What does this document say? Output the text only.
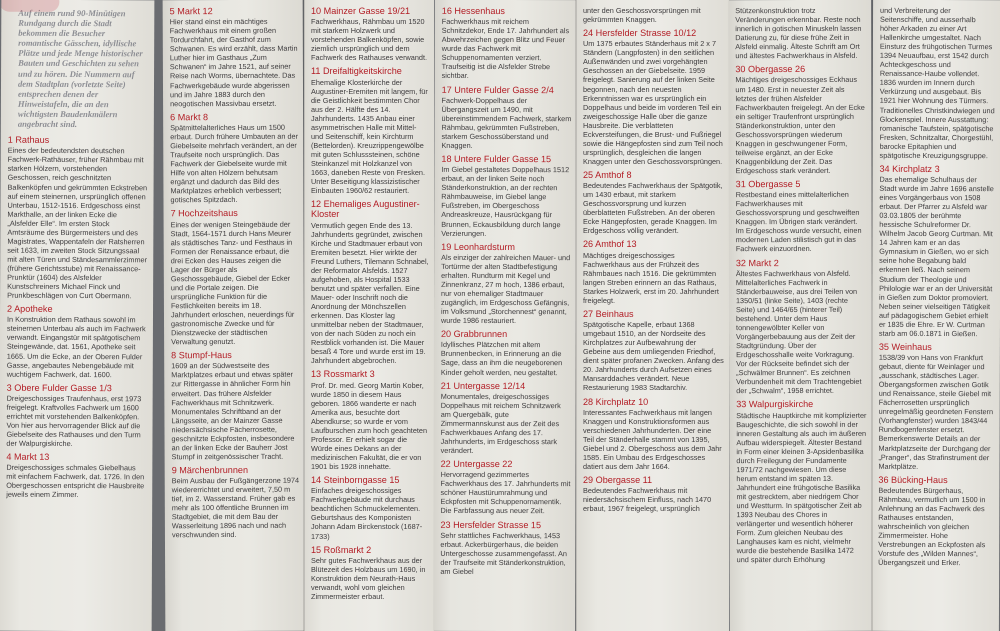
Auf einem rund 90-Minütigen Rundgang durch die Stadt bekommen die Besucher romantische Gässchen, idyllische Plätze und jede Menge historischer Bauten und Geschichten zu sehen und zu hören. Die Nummern auf dem Stadtplan (vorletzte Seite) entsprechen denen der Hinweistafeln, die an den wichtigsten Baudenkmälern angebracht sind.

1 Rathaus

Eines der bedeutendsten deutschen Fachwerk-Rathäuser, früher Rähmbau mit starken Hölzern, vorstehenden Geschossen, reich geschnitzten Balkenköpfen und gekrümmten Eckstreben auf einem steinernen, ursprünglich offenen Unterbau, 1512-1516. Erdgeschoss einst Markthalle, an der linken Ecke die „Alsfelder Elle“. Im ersten Stock Amtsräume des Bürgermeisters und des Magistrates, Wappentafeln der Ratsherren seit 1633, im zweiten Stock Sitzungssaal mit alten Türen und Ständesammlerzimmer (frühere Gerichtsstube) mit Renaissance-Prunktür (1604) des Alsfelder Kunstschreiners Michael Finck und Prunkbeschlägen von Curt Obermann.

2 Apotheke

In Konstruktion dem Rathaus sowohl im steinernen Unterbau als auch im Fachwerk verwandt. Eingangstür mit spätgotischem Steingewände, dat. 1561, Apotheke seit 1665. Um die Ecke, an der Oberen Fulder Gasse, angebautes Nebengebäude mit wuchtigem Fachwerk, dat. 1600.

3 Obere Fulder Gasse 1/3

Dreigeschossiges Traufenhaus, erst 1973 freigelegt. Kraftvolles Fachwerk um 1600 errichtet mit vorstehenden Balkenköpfen. Von hier aus hervorragender Blick auf die Giebelseite des Rathauses und den Turm der Walpurgiskirche.

4 Markt 13

Dreigeschossiges schmales Giebelhaus mit einfachem Fachwerk, dat. 1726. In den Obergeschossen entspricht die Hausbreite jeweils einem Zimmer.

5 Markt 12

Hier stand einst ein mächtiges Fachwerkhaus mit einem großen Tordurchfahrt, der Gasthof zum Schwanen. Es wird erzählt, dass Martin Luther hier im Gasthaus „Zum Schwanen“ im Jahre 1521, auf seiner Reise nach Worms, übernachtete. Das Fachwerkgebäude wurde abgerissen und im Jahre 1883 durch den neogotischen Massivbau ersetzt.

6 Markt 8

Spätmittelalterliches Haus um 1500 erbaut. Durch frühere Umbauten an der Giebelseite mehrfach verändert, an der Traufseite noch ursprünglich. Das Fachwerk der Giebelseite wurde mit Hilfe von alten Hölzern behutsam ergänzt und dadurch das Bild des Marktplatzes erheblich verbessert; gotisches Spitzdach.

7 Hochzeitshaus

Eines der wenigen Steingebäude der Stadt, 1564-1571 durch Hans Meurer als städtisches Tanz- und Festhaus in Formen der Renaissance erbaut, die drei Ecken des Hauses zeigen die Lager der Bürger als Geschossgebäude, Giebel der Ecker und die Portale zeigen. Die ursprüngliche Funktion für die Festlichkeiten bereits im 18. Jahrhundert erloschen, neuerdings für gastronomische Zwecke und für Dienstzwecke der städtischen Verwaltung genutzt.

8 Stumpf-Haus

1609 an der Südwestseite des Marktplatzes erbaut und etwas später zur Rittergasse in ähnlicher Form hin erweitert. Das frühere Alsfelder Fachwerkhaus mit Schnitzwerk. Monumentales Schriftband an der Längsseite, an der Mainzer Gasse niedersächsische Fächerrosette, geschnitzte Eckpfosten, insbesondere an der linken Ecke der Bauherr Jost Stumpf in zeitgenössischer Tracht.

9 Märchenbrunnen

Beim Ausbau der Fußgängerzone 1974 wiedererrichtet und erweitert, 7,50 m tief, im 2. Wasserstand. Früher gab es mehr als 100 öffentliche Brunnen im Stadtgebiet, die mit dem Bau der Wasserleitung 1896 nach und nach verschwunden sind.

10 Mainzer Gasse 19/21

Fachwerkhaus, Rähmbau um 1520 mit starkem Holzwerk und vorstehenden Balkenköpfen, sowie ziemlich ursprünglich und dem Fachwerk des Rathauses verwandt.

11 Dreifaltigkeitskirche

Ehemalige Klosterkirche der Augustiner-Eremiten mit langem, für die Geistlichkeit bestimmten Chor aus der 2. Hälfte des 14. Jahrhunderts. 1435 Anbau einer asymmetrischen Halle mit Mittel- und Seitenschiff, kein Kirchturm (Bettelorden). Kreuzrippengewölbe mit guten Schlusssteinen, schöne Steinkanzel mit Holzkanzel von 1663, daneben Reste von Fresken. Unter Beseitigung klassizistischer Einbauten 1960/62 restauriert.

12 Ehemaliges Augustiner-Kloster

Vermutlich gegen Ende des 13. Jahrhunderts gegründet, zwischen Kirche und Stadtmauer erbaut von Eremiten besetzt. Hier wirkte der Freund Luthers, Tilemann Schnabel, der Reformator Alsfelds. 1527 aufgehoben, als Hospital 1533 benutzt und später verfallen. Eine Mauer- oder Inschrift noch die Anordnung der Mönchszellen erkennen. Das Kloster lag unmittelbar neben der Stadtmauer, von der nach Süden zu noch ein Restblick vorhanden ist. Die Mauer besaß 4 Tore und wurde erst im 19. Jahrhundert abgebrochen.

13 Rossmarkt 3

Prof. Dr. med. Georg Martin Kober, wurde 1850 in diesem Haus geboren. 1866 wanderte er nach Amerika aus, besuchte dort Abendkurse; so wurde er vom Laufburschen zum hoch geachteten Professor. Er erhielt sogar die Würde eines Dekans an der medizinischen Fakultät, die er von 1901 bis 1928 innehatte.

14 Steinborngasse 15

Einfaches dreigeschossiges Fachwerkgebäude mit durchaus beachtlichen Schmuckelementen. Geburtshaus des Komponisten Johann Adam Birckenstock (1687-1733)

15 Roßmarkt 2

Sehr gutes Fachwerkhaus aus der Blütezeit des Holzbaus um 1690, in Konstruktion dem Neurath-Haus verwandt, wohl vom gleichen Zimmermeister erbaut.

16 Hessenhaus

Fachwerkhaus mit reichem Schnitzdekor, Ende 17. Jahrhundert als Abwehrzeichen gegen Blitz und Feuer wurde das Fachwerk mit Schuppenornamenten verziert. Traufseitig ist die Alsfelder Strebe sichtbar.

17 Untere Fulder Gasse 2/4

Fachwerk-Doppelhaus der Übergangszeit um 1490, mit übereinstimmendem Fachwerk, starkem Rähmbau, gekrümmten Fußstreben, starkem Geschossüberstand und Knaggen.

18 Untere Fulder Gasse 15

Im Giebel gestaltetes Doppelhaus 1512 erbaut, an der linken Seite noch Ständerkonstruktion, an der rechten Rähmbauweise, im Giebel lange Fußstreben, im Obergeschoss Andreaskreuze, Hausrückgang für Brunnen, Eckausbildung durch lange Verzierungen.

19 Leonhardsturm

Als einziger der zahlreichen Mauer- und Tortürme der alten Stadtbefestigung erhalten. Rundturm mit Kegel und Zinnenkranz, 27 m hoch, 1386 erbaut, nur von ehemaliger Stadtmauer zugänglich, im Erdgeschoss Gefängnis, im Volksmund „Storchennest“ genannt, wurde 1986 restauriert.

20 Grabbrunnen

Idyllisches Plätzchen mit altem Brunnenbecken, in Erinnerung an die Sage, dass an ihm die neugeborenen Kinder geholt werden, neu gestaltet.

21 Untergasse 12/14

Monumentales, dreigeschossiges Doppelhaus mit reichem Schnitzwerk am Quergebälk, gute Zimmermannskunst aus der Zeit des Fachwerkbaues Anfang des 17. Jahrhunderts, im Erdgeschoss stark verändert.

22 Untergasse 22

Hervorragend gezimmertes Fachwerkhaus des 17. Jahrhunderts mit schöner Haustürumrahmung und Eckpfosten mit Schuppenornamentik. Die Farbfassung aus neuer Zeit.

23 Hersfelder Strasse 15

Sehr stattliches Fachwerkhaus, 1453 erbaut. Ackerbürgerhaus, die beiden Untergeschosse zusammengefasst. An der Traufseite mit Ständerkonstruktion, am Giebel

unter den Geschossvorsprüngen mit gekrümmten Knaggen.

24 Hersfelder Strasse 10/12

Um 1375 erbautes Ständerhaus mit 2 x 7 Ständern (Langpfosten) in den seitlichen Außenwänden und zwei vorgehängten Geschossen an der Giebelseite. 1959 freigelegt. Sanierung auf der linken Seite begonnen, nach den neuesten Erkenntnissen war es ursprünglich ein Doppelhaus und beide im vorderen Teil ein zweigeschossige Halle über die ganze Hausbreite. Die verblatteten Eckversteifungen, die Brust- und Fußriegel sowie die Hängepfosten sind zum Teil noch ursprünglich, desgleichen die langen Knaggen unter den Geschossvorsprüngen.

25 Amthof 8

Bedeutendes Fachwerkhaus der Spätgotik, um 1430 erbaut, mit starkem Geschossvorsprung und kurzen überblatteten Fußstreben. An der oberen Ecke Hängepfosten, gerade Knaggen. Im Erdgeschoss völlig verändert.

26 Amthof 13

Mächtiges dreigeschossiges Fachwerkhaus aus der Frühzeit des Rähmbaues nach 1516. Die gekrümmten langen Streben erinnern an das Rathaus, Starkes Holzwerk, erst im 20. Jahrhundert freigelegt.

27 Beinhaus

Spätgotische Kapelle, erbaut 1368 umgebaut 1510, an der Nordseite des Kirchplatzes zur Aufbewahrung der Gebeine aus dem umliegenden Friedhof, dient später profanen Zwecken. Anfang des 20. Jahrhunderts durch Aufsetzen eines Mansarddaches verändert. Neue Restaurierung 1983 Stadtarchiv.

28 Kirchplatz 10

Interessantes Fachwerkhaus mit langen Knaggen und Konstruktionsformen aus verschiedenen Jahrhunderten. Der eine Teil der Ständerhalle stammt von 1395, Giebel und 2. Obergeschoss aus dem Jahr 1585. Ein Umbau des Erdgeschosses datiert aus dem Jahr 1664.

29 Obergasse 11

Bedeutendes Fachwerkhaus mit niedersächsischem Einfluss, nach 1470 erbaut, 1967 freigelegt, ursprünglich

Stützenkonstruktion trotz Veränderungen erkennbar. Reste noch innerlich in gotischen Minuskeln lassen Datierung zu, für diese frühe Zeit in Alsfeld einmalig. Älteste Schrift am Ort und ältestes Fachwerkhaus in Alsfeld.

30 Obergasse 26

Mächtiges dreigeschossiges Eckhaus um 1480. Erst in neuester Zeit als letztes der frühen Alsfelder Fachwerkbauten freigelegt. An der Ecke ein seltiger Traufenfront ursprünglich Ständerkonstruktion, unter den Geschossvorsprüngen wiederum Knaggen in geschwungener Form, teilweise ergänzt, an der Ecke Knaggenbildung der Zeit. Das Erdgeschoss stark verändert.

31 Obergasse 5

Restbestand eines mittelalterlichen Fachwerkhauses mit Geschossvorsprung und geschweiften Knaggen. Im Übrigen stark verändert. Im Erdgeschoss wurde versucht, einen modernen Laden stilistisch gut in das Fachwerk einzuordnen.

32 Markt 2

Ältestes Fachwerkhaus von Alsfeld. Mittelalterliches Fachwerk in Ständerbauweise, aus drei Teilen von 1350/51 (linke Seite), 1403 (rechte Seite) und 1464/65 (hinterer Teil) bestehend. Unter dem Haus tonnengewölbter Keller von Vorgängerbebauung aus der Zeit der Stadtgründung. Über der Erdgeschosshalle weite Vorkragung. Vor der Rückseite befindet sich der „Schwälmer Brunnen“. Es zeichnen Verbundenheit mit dem Trachtengebiet der „Schwalm“, 1958 errichtet.

33 Walpurgiskirche

Städtische Hauptkirche mit komplizierter Baugeschichte, die sich sowohl in der inneren Gestaltung als auch im äußeren Aufbau widerspiegelt. Ältester Bestand in Form einer kleinen 3-Apsidenbasilika durch Freilegung der Fundamente 1971/72 nachgewiesen. Um diese herum entstand im späten 13. Jahrhundert eine frühgotische Basilika mit gestrecktem, aber niedrigem Chor und Westturm. In spätgotischer Zeit ab 1393 Neubau des Chores in verlängerter und wesentlich höherer Form. Zum gleichen Neubau des Langhauses kam es nicht, vielmehr wurde die bestehende Basilika 1472 und später durch Erhöhung

und Verbreiterung der Seitenschiffe, und ausserhalb höher Arkaden zu einer Art Hallenkirche umgestaltet. Nach Einsturz des frühgotischen Turmes 1394 Neuaufbau, erst 1542 durch Achteckgeschoss und Renaissance-Haube vollendet. 1836 wurden im Innern durch Verkürzung und ausgebaut. Bis 1921 hier Wohnung des Türmers. Traditionelles Christkindwiegen und Glockenspiel. Innere Ausstattung: romanische Taufstein, spätgotische Fresken, Schnitzaltar, Chorgestühl, barocke Epitaphien und spätgotische Kreuzigungsgruppe.

34 Kirchplatz 3

Das ehemalige Schulhaus der Stadt wurde im Jahre 1696 anstelle eines Vorgängerbaus von 1508 erbaut. Der Pfarrer zu Alsfeld war 03.03.1805 der berühmte hessische Schulreformer Dr. Wilhelm Jacob Georg Curtman. Mit 14 Jahren kam er an das Gymnasium in Gießen, wo er sich seine hohe Begabung bald erkennen ließ. Nach seinem Studium der Theologie und Philologie war er an der Universität in Gießen zum Doktor promoviert. Neben seiner vielseitigen Tätigkeit auf pädagogischem Gebiet erhielt er 1835 die Ehre. Er W. Curtman starb am 06.0.1871 in Gießen.

35 Weinhaus

1538/39 von Hans von Frankfurt gebaut, diente für Weinlager und „ausschank, städtisches Lager. Obergangsformen zwischen Gotik und Renaissance, steile Giebel mit Fächerrosetten ursprünglich unregelmäßig geordneten Fenstern (Vorhangfenster) wurden 1843/44 Rundbogenfenster ersetzt. Bemerkenswerte Details an der Marktplatzseite der Durchgang der „Pranger“, das Strafinstrument der Marktplätze.

36 Bücking-Haus

Bedeutendes Bürgerhaus, Rähmbau, vermutlich um 1500 in Anlehnung an das Fachwerk des Rathauses entstanden, wahrscheinlich von gleichen Zimmermeister. Hohe Verstrebungen an Eckpfosten als Vorstufe des „Wilden Mannes“, Übergangszeit und Erker.
